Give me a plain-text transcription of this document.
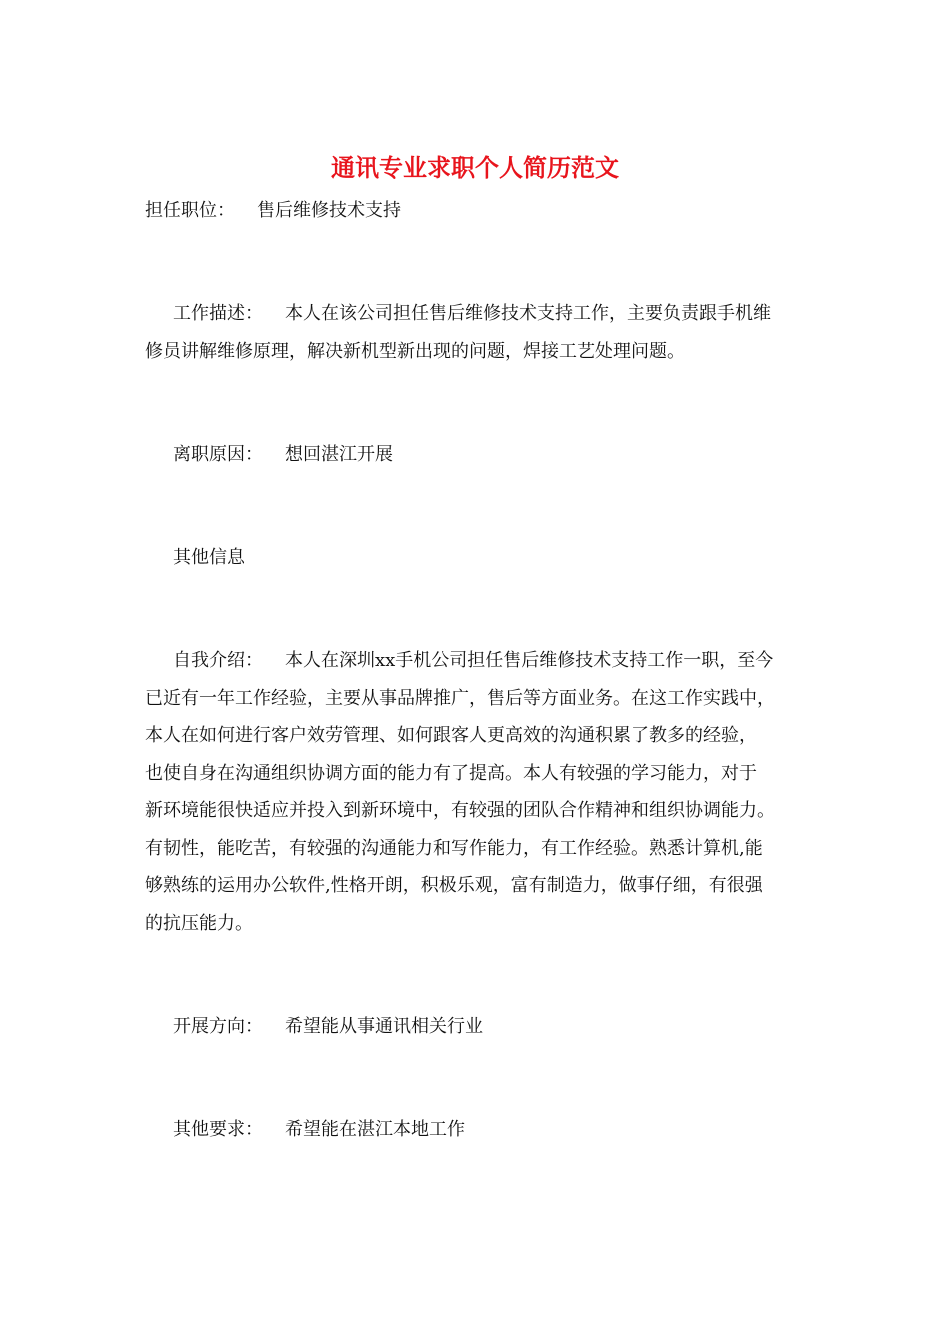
通讯专业求职个人简历范文
担任职位： 售后维修技术支持

工作描述： 本人在该公司担任售后维修技术支持工作，主要负责跟手机维

修员讲解维修原理，解决新机型新出现的问题，焊接工艺处理问题。

离职原因： 想回湛江开展
其他信息

自我介绍： 本人在深圳xx手机公司担任售后维修技术支持工作一职，至今

已近有一年工作经验，主要从事品牌推广，售后等方面业务。在这工作实践中，

本人在如何进行客户效劳管理、如何跟客人更高效的沟通积累了教多的经验，

也使自身在沟通组织协调方面的能力有了提高。本人有较强的学习能力，对于

新环境能很快适应并投入到新环境中，有较强的团队合作精神和组织协调能力。

有韧性，能吃苦，有较强的沟通能力和写作能力，有工作经验。熟悉计算机,能

够熟练的运用办公软件,性格开朗，积极乐观，富有制造力，做事仔细，有很强

的抗压能力。

开展方向： 希望能从事通讯相关行业
其他要求： 希望能在湛江本地工作
